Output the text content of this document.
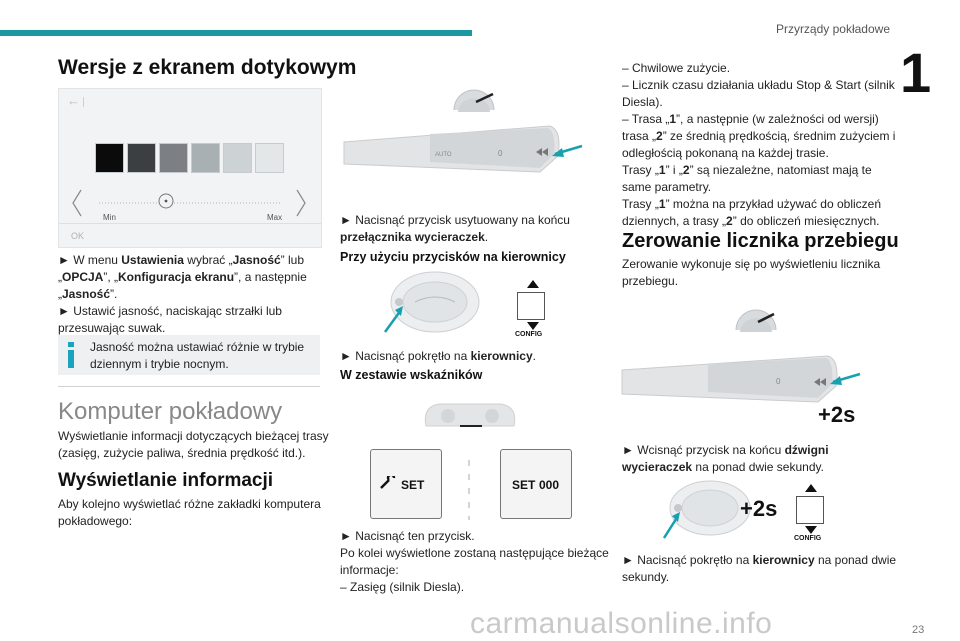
Przyrządy pokładowe
1
23
Wersje z ekranem dotykowym
←
Min	Max
OK
► W menu Ustawienia wybrać „Jasność” lub
„OPCJA”, „Konfiguracja ekranu”, a następnie
„Jasność”.
► Ustawić jasność, naciskając strzałki lub
przesuwając suwak.
Jasność można ustawiać różnie w trybie
dziennym i trybie nocnym.
Komputer pokładowy
Wyświetlanie informacji dotyczących bieżącej trasy
(zasięg, zużycie paliwa, średnia prędkość itd.).
Wyświetlanie informacji
Aby kolejno wyświetlać różne zakładki komputera
pokładowego:
AUTO	0
► Nacisnąć przycisk usytuowany na końcu
przełącznika wycieraczek.
Przy użyciu przycisków na kierownicy
CONFIG
► Nacisnąć pokrętło na kierownicy.
W zestawie wskaźników
SET	SET 000
► Nacisnąć ten przycisk.
Po kolei wyświetlone zostaną następujące bieżące
informacje:
– Zasięg (silnik Diesla).
– Chwilowe zużycie.
– Licznik czasu działania układu Stop & Start (silnik
Diesla).
– Trasa „1”, a następnie (w zależności od wersji)
trasa „2” ze średnią prędkością, średnim zużyciem i
odległością pokonaną na każdej trasie.
Trasy „1” i „2” są niezależne, natomiast mają te
same parametry.
Trasy „1” można na przykład używać do obliczeń
dziennych, a trasy „2” do obliczeń miesięcznych.
Zerowanie licznika przebiegu
Zerowanie wykonuje się po wyświetleniu licznika
przebiegu.
0
+2s
► Wcisnąć przycisk na końcu dźwigni
wycieraczek na ponad dwie sekundy.
+2s
CONFIG
► Nacisnąć pokrętło na kierownicy na ponad dwie
sekundy.
carmanualsonline.info
